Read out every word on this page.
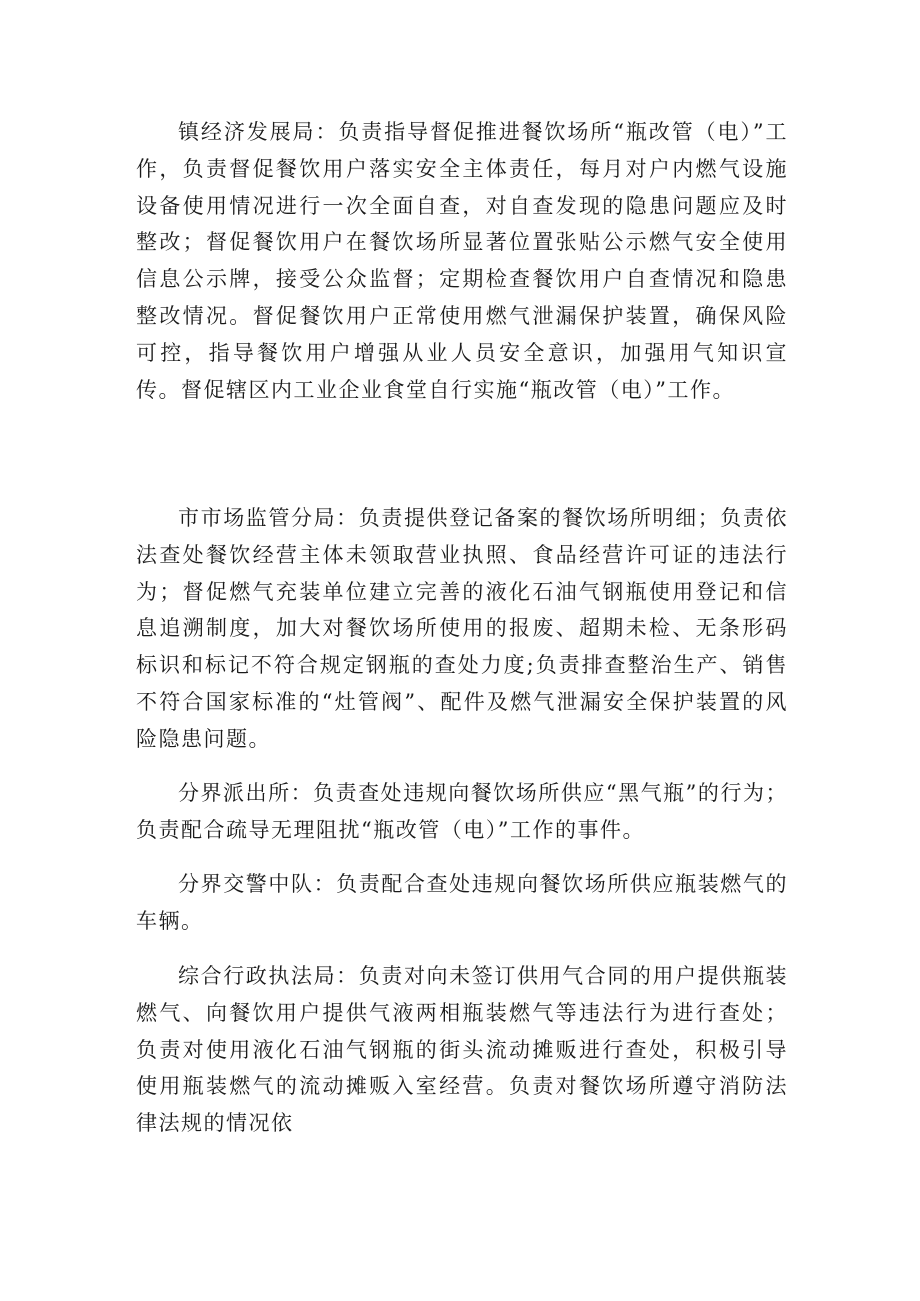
镇经济发展局：负责指导督促推进餐饮场所“瓶改管（电）”工作，负责督促餐饮用户落实安全主体责任，每月对户内燃气设施设备使用情况进行一次全面自查，对自查发现的隐患问题应及时整改；督促餐饮用户在餐饮场所显著位置张贴公示燃气安全使用信息公示牌，接受公众监督；定期检查餐饮用户自查情况和隐患整改情况。督促餐饮用户正常使用燃气泄漏保护装置，确保风险可控，指导餐饮用户增强从业人员安全意识，加强用气知识宣传。督促辖区内工业企业食堂自行实施“瓶改管（电）”工作。

市市场监管分局：负责提供登记备案的餐饮场所明细；负责依法查处餐饮经营主体未领取营业执照、食品经营许可证的违法行为；督促燃气充装单位建立完善的液化石油气钢瓶使用登记和信息追溯制度，加大对餐饮场所使用的报废、超期未检、无条形码标识和标记不符合规定钢瓶的查处力度;负责排查整治生产、销售不符合国家标准的“灶管阀”、配件及燃气泄漏安全保护装置的风险隐患问题。

分界派出所：负责查处违规向餐饮场所供应“黑气瓶”的行为；负责配合疏导无理阻扰“瓶改管（电）”工作的事件。

分界交警中队：负责配合查处违规向餐饮场所供应瓶装燃气的车辆。

综合行政执法局：负责对向未签订供用气合同的用户提供瓶装燃气、向餐饮用户提供气液两相瓶装燃气等违法行为进行查处；负责对使用液化石油气钢瓶的街头流动摊贩进行查处，积极引导使用瓶装燃气的流动摊贩入室经营。负责对餐饮场所遵守消防法律法规的情况依
